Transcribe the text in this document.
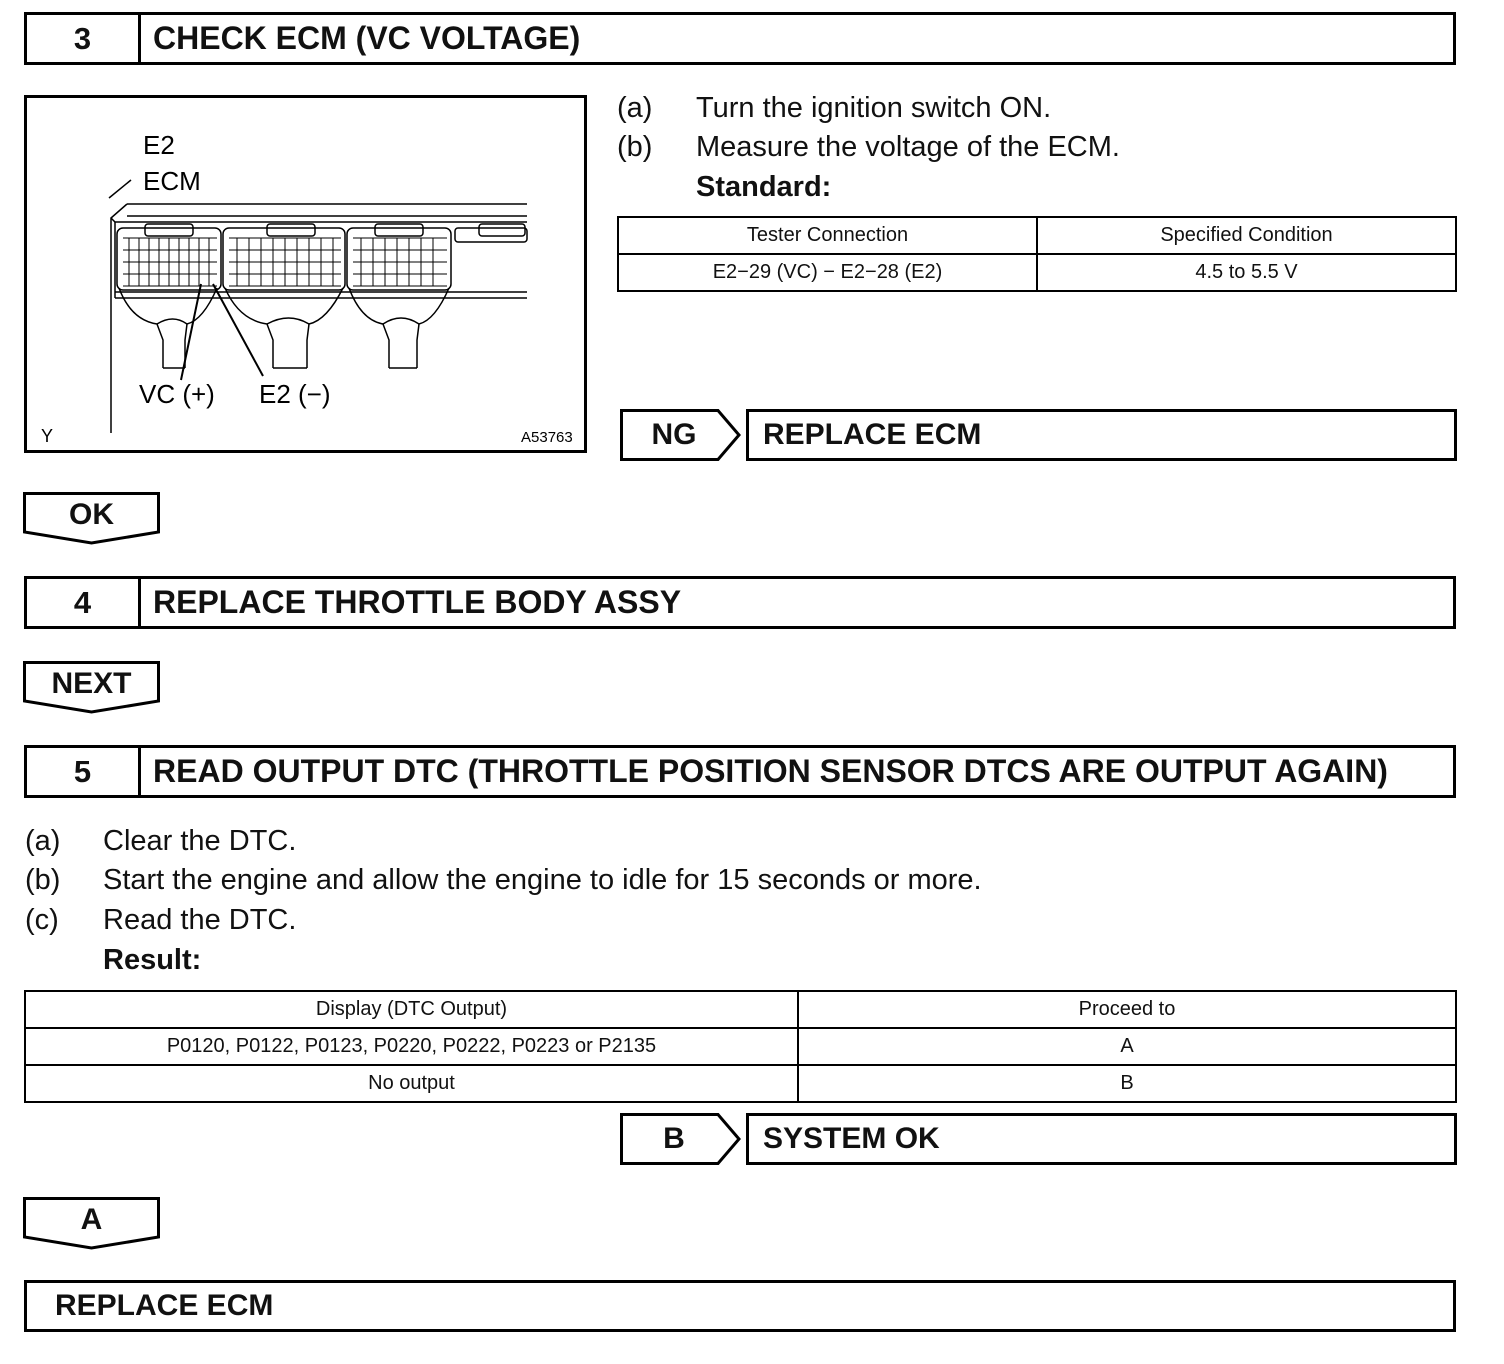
3	CHECK ECM (VC VOLTAGE)
E2
ECM
VC (+) E2 (−)
Y	A53763
(a) Turn the ignition switch ON.
(b) Measure the voltage of the ECM.
Standard:
Tester Connection	Specified Condition
E2−29 (VC) − E2−28 (E2)	4.5 to 5.5 V
NG	REPLACE ECM
OK
4	REPLACE THROTTLE BODY ASSY
NEXT
5	READ OUTPUT DTC (THROTTLE POSITION SENSOR DTCS ARE OUTPUT AGAIN)
(a) Clear the DTC.
(b) Start the engine and allow the engine to idle for 15 seconds or more.
(c) Read the DTC.
Result:
Display (DTC Output)	Proceed to
P0120, P0122, P0123, P0220, P0222, P0223 or P2135	A
No output	B
B	SYSTEM OK
A
REPLACE ECM
